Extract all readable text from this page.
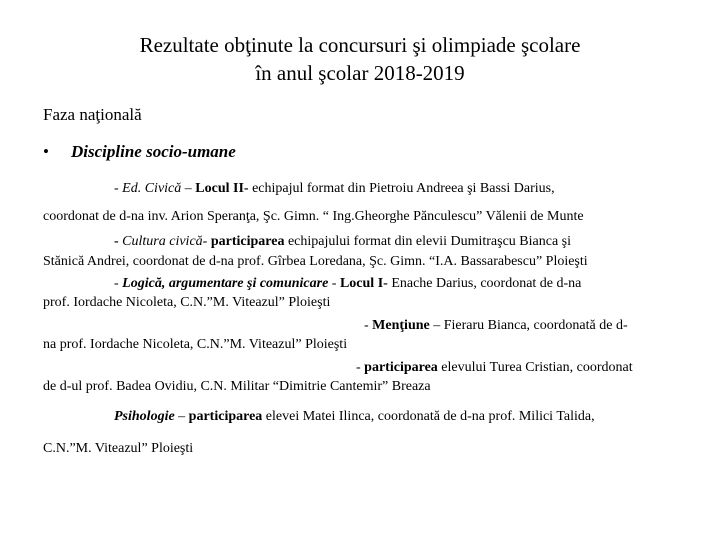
Rezultate obţinute la concursuri şi olimpiade şcolare
în anul şcolar 2018-2019
Faza naţională
• Discipline socio-umane
- Ed. Civică – Locul II- echipajul format din Pietroiu Andreea şi Bassi Darius,
coordonat de d-na inv. Arion Speranţa, Şc. Gimn. “ Ing.Gheorghe Pănculescu” Vălenii de Munte
- Cultura civică- participarea echipajului format din elevii Dumitraşcu Bianca şi
Stănică Andrei, coordonat de d-na prof. Gîrbea Loredana, Şc. Gimn. “I.A. Bassarabescu” Ploieşti
- Logică, argumentare şi comunicare - Locul I- Enache Darius, coordonat de d-na
prof. Iordache Nicoleta, C.N.”M. Viteazul” Ploieşti
- Menţiune – Fieraru Bianca, coordonată de d-
na prof. Iordache Nicoleta, C.N.”M. Viteazul” Ploieşti
- participarea elevului Turea Cristian, coordonat
de d-ul prof. Badea Ovidiu, C.N. Militar “Dimitrie Cantemir” Breaza
Psihologie – participarea elevei Matei Ilinca, coordonată de d-na prof. Milici Talida,
C.N.”M. Viteazul” Ploieşti
